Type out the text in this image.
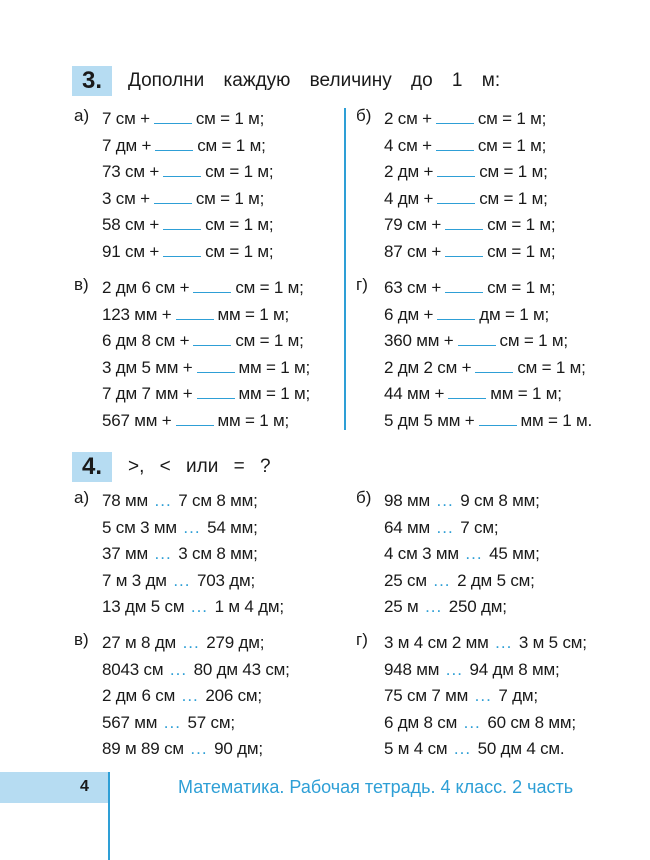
3.	Дополни каждую величину до 1 м:
а) 7 см +	см = 1 м;
7 дм +	см = 1 м;
73 см +	см = 1 м;
3 см +	см = 1 м;
58 см +	см = 1 м;
91 см +	см = 1 м;
б) 2 см +	см = 1 м;
4 см +	см = 1 м;
2 дм +	см = 1 м;
4 дм +	см = 1 м;
79 см +	см = 1 м;
87 см +	см = 1 м;
в) 2 дм 6 см +	см = 1 м;
123 мм +	мм = 1 м;
6 дм 8 см +	см = 1 м;
3 дм 5 мм +	мм = 1 м;
7 дм 7 мм +	мм = 1 м;
567 мм +	мм = 1 м;
г) 63 см +	см = 1 м;
6 дм +	дм = 1 м;
360 мм +	см = 1 м;
2 дм 2 см +	см = 1 м;
44 мм +	мм = 1 м;
5 дм 5 мм +	мм = 1 м.
4.	>, < или = ?
а) 78 мм ... 7 см 8 мм;
5 см 3 мм ... 54 мм;
37 мм ... 3 см 8 мм;
7 м 3 дм ... 703 дм;
13 дм 5 см ... 1 м 4 дм;
б) 98 мм ... 9 см 8 мм;
64 мм ... 7 см;
4 см 3 мм ... 45 мм;
25 см ... 2 дм 5 см;
25 м ... 250 дм;
в) 27 м 8 дм ... 279 дм;
8043 см ... 80 дм 43 см;
2 дм 6 см ... 206 см;
567 мм ... 57 см;
89 м 89 см ... 90 дм;
г) 3 м 4 см 2 мм ... 3 м 5 см;
948 мм ... 94 дм 8 мм;
75 см 7 мм ... 7 дм;
6 дм 8 см ... 60 см 8 мм;
5 м 4 см ... 50 дм 4 см.
4	Математика. Рабочая тетрадь. 4 класс. 2 часть
